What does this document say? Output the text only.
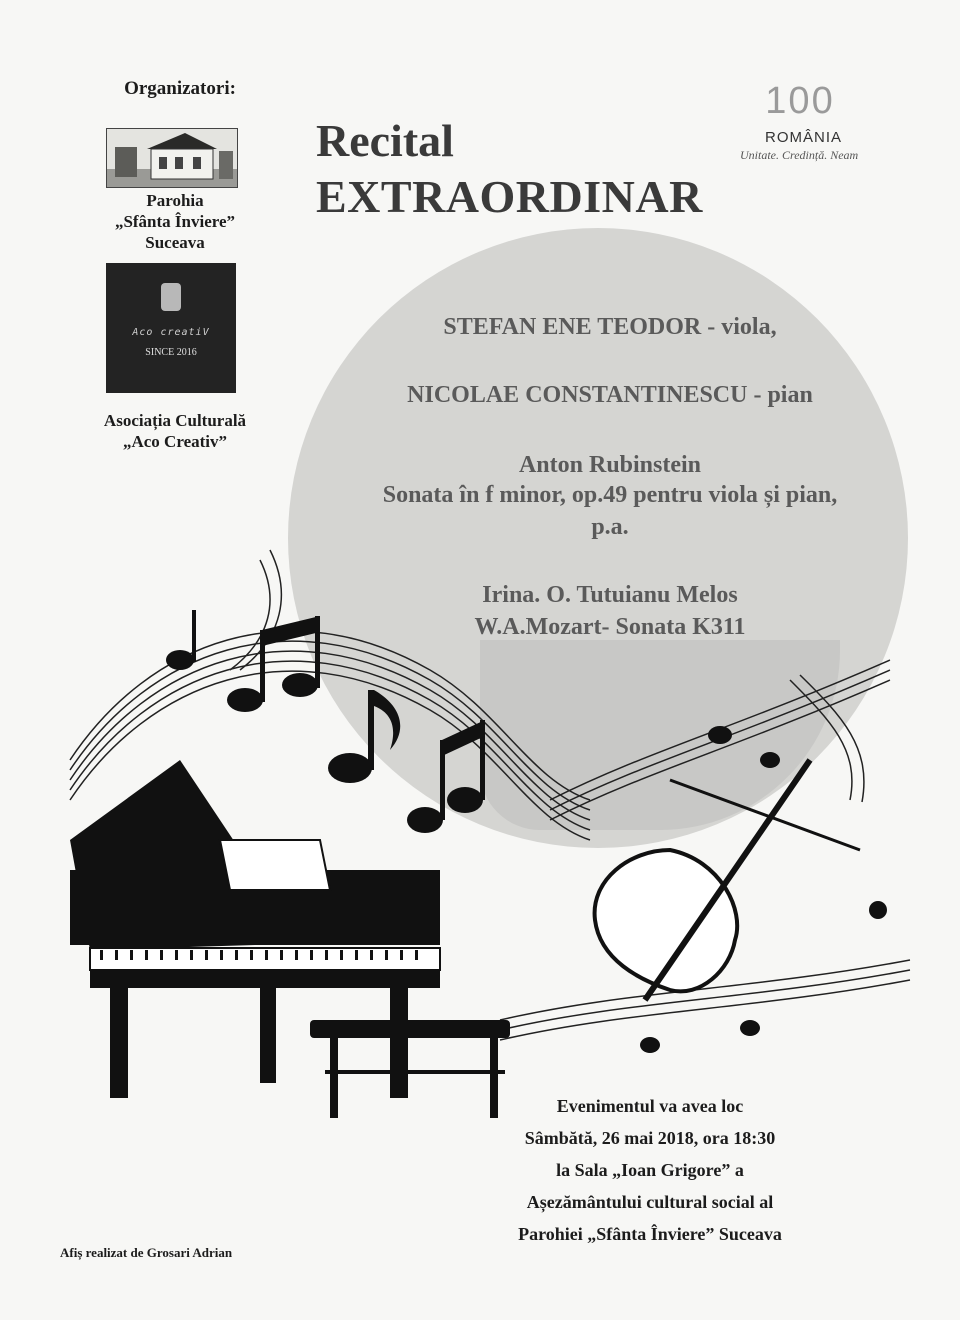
Organizatori:
Parohia
„Sfânta Înviere”
Suceava
Aco creatiV
SINCE 2016
Asociația Culturală
„Aco Creativ”
Recital
EXTRAORDINAR
100
ROMÂNIA
Unitate. Credință. Neam
STEFAN ENE TEODOR - viola,
NICOLAE CONSTANTINESCU - pian
Anton Rubinstein
Sonata în f minor, op.49 pentru viola și pian,
p.a.
Irina. O. Tutuianu Melos
W.A.Mozart- Sonata K311
Evenimentul va avea loc
Sâmbătă, 26 mai 2018, ora 18:30
la Sala „Ioan Grigore” a
Așezământului cultural social al
Parohiei „Sfânta Înviere” Suceava
Afiș realizat de Grosari Adrian
